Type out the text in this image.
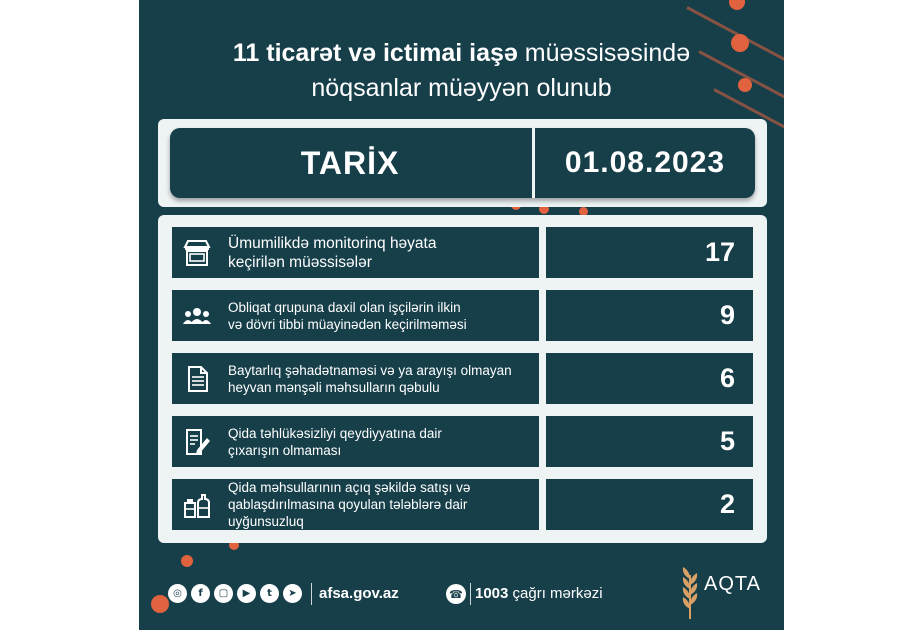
11 ticarət və ictimai iaşə müəssisəsində
nöqsanlar müəyyən olunub
TARİX	01.08.2023
Ümumilikdə monitorinq həyata
keçirilən müəssisələr	17
Obliqat qrupuna daxil olan işçilərin ilkin
və dövri tibbi müayinədən keçirilməməsi	9
Baytarlıq şəhadətnaməsi və ya arayışı olmayan
heyvan mənşəli məhsulların qəbulu	6
Qida təhlükəsizliyi qeydiyyatına dair
çıxarışın olmaması	5
Qida məhsullarının açıq şəkildə satışı və
qablaşdırılmasına qoyulan tələblərə dair uyğunsuzluq
2
◎	f	▢	▶	t	➤	afsa.gov.az	☎ 1003 çağrı mərkəzi	AQTA
